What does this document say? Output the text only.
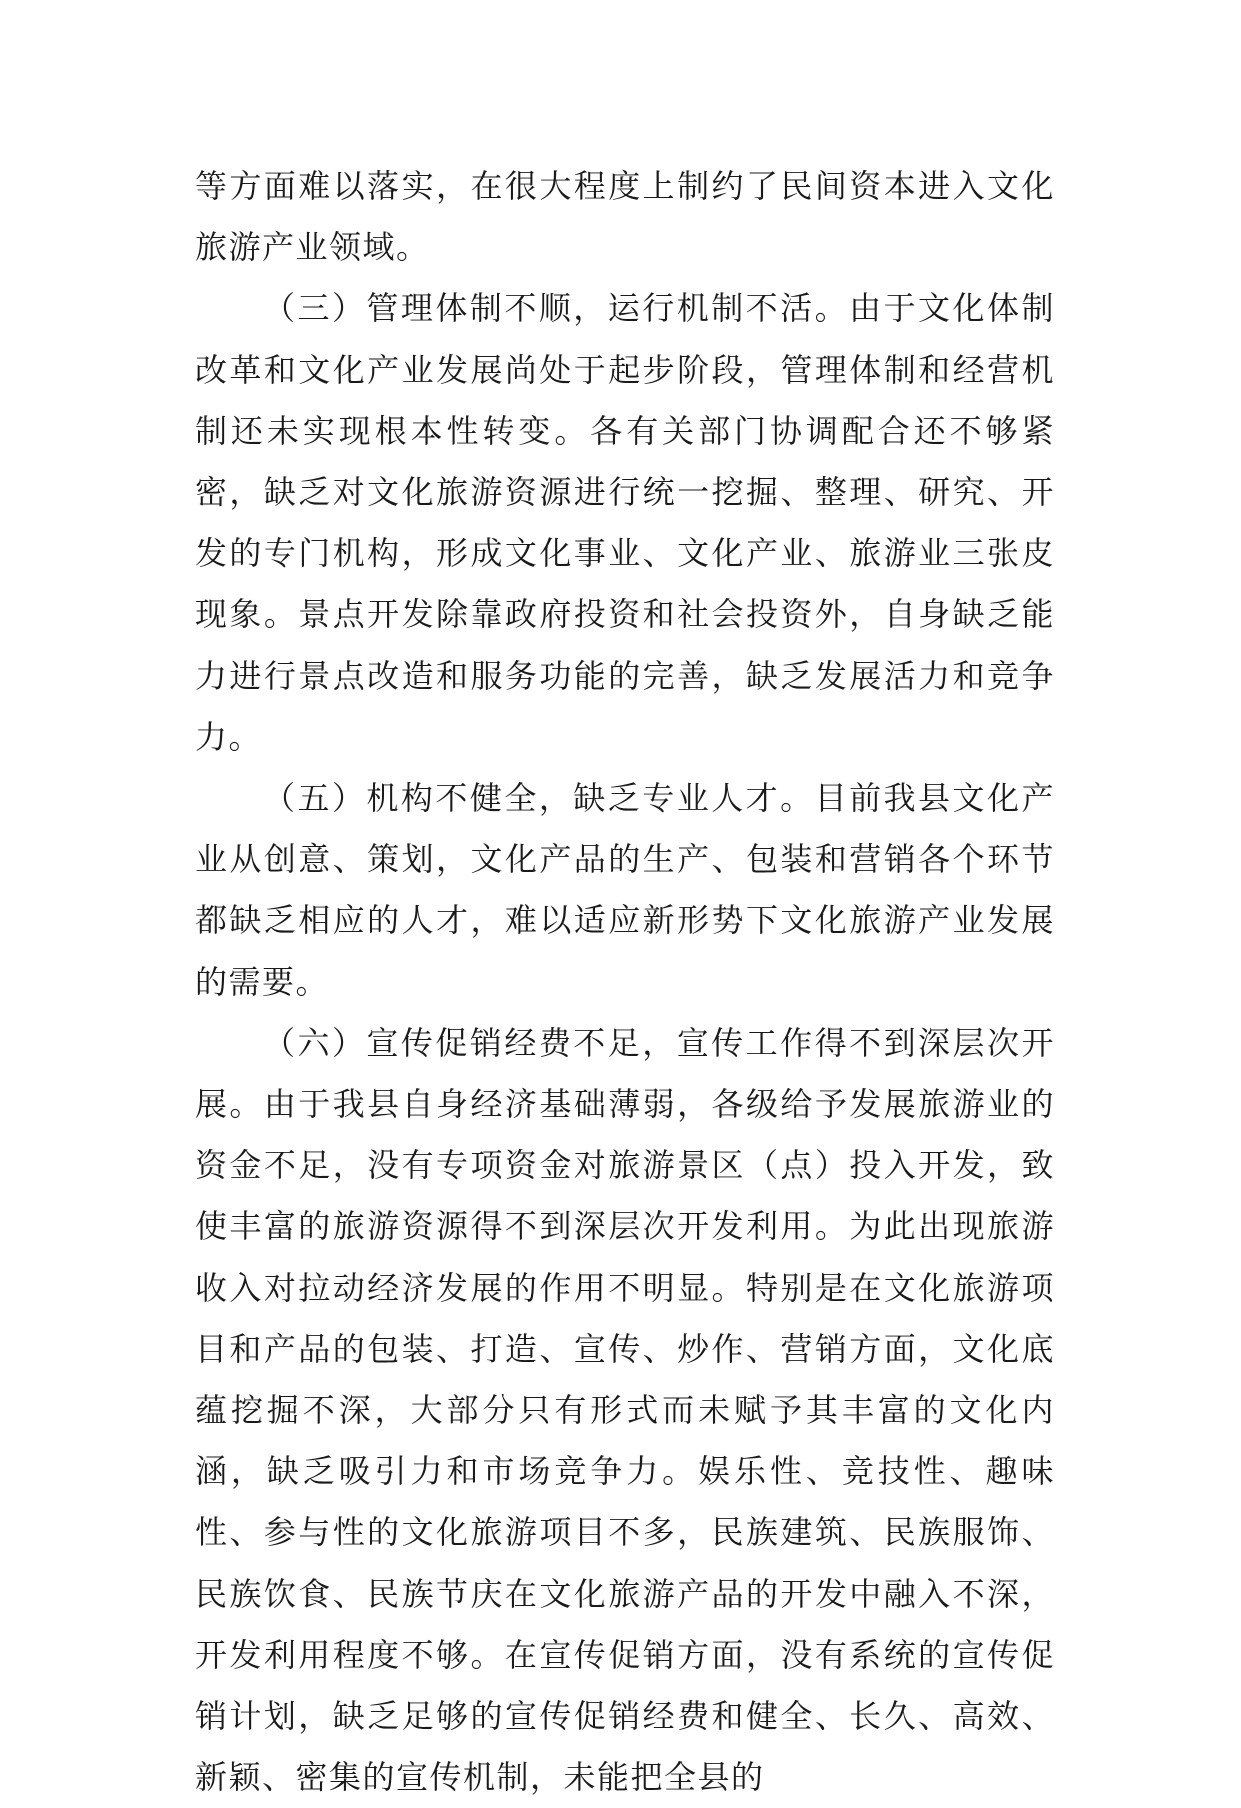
等方面难以落实，在很大程度上制约了民间资本进入文化旅游产业领域。

（三）管理体制不顺，运行机制不活。由于文化体制改革和文化产业发展尚处于起步阶段，管理体制和经营机制还未实现根本性转变。各有关部门协调配合还不够紧密，缺乏对文化旅游资源进行统一挖掘、整理、研究、开发的专门机构，形成文化事业、文化产业、旅游业三张皮现象。景点开发除靠政府投资和社会投资外，自身缺乏能力进行景点改造和服务功能的完善，缺乏发展活力和竞争力。

（五）机构不健全，缺乏专业人才。目前我县文化产业从创意、策划，文化产品的生产、包装和营销各个环节都缺乏相应的人才，难以适应新形势下文化旅游产业发展的需要。

（六）宣传促销经费不足，宣传工作得不到深层次开展。由于我县自身经济基础薄弱，各级给予发展旅游业的资金不足，没有专项资金对旅游景区（点）投入开发，致使丰富的旅游资源得不到深层次开发利用。为此出现旅游收入对拉动经济发展的作用不明显。特别是在文化旅游项目和产品的包装、打造、宣传、炒作、营销方面，文化底蕴挖掘不深，大部分只有形式而未赋予其丰富的文化内涵，缺乏吸引力和市场竞争力。娱乐性、竞技性、趣味性、参与性的文化旅游项目不多，民族建筑、民族服饰、民族饮食、民族节庆在文化旅游产品的开发中融入不深，开发利用程度不够。在宣传促销方面，没有系统的宣传促销计划，缺乏足够的宣传促销经费和健全、长久、高效、新颖、密集的宣传机制，未能把全县的
